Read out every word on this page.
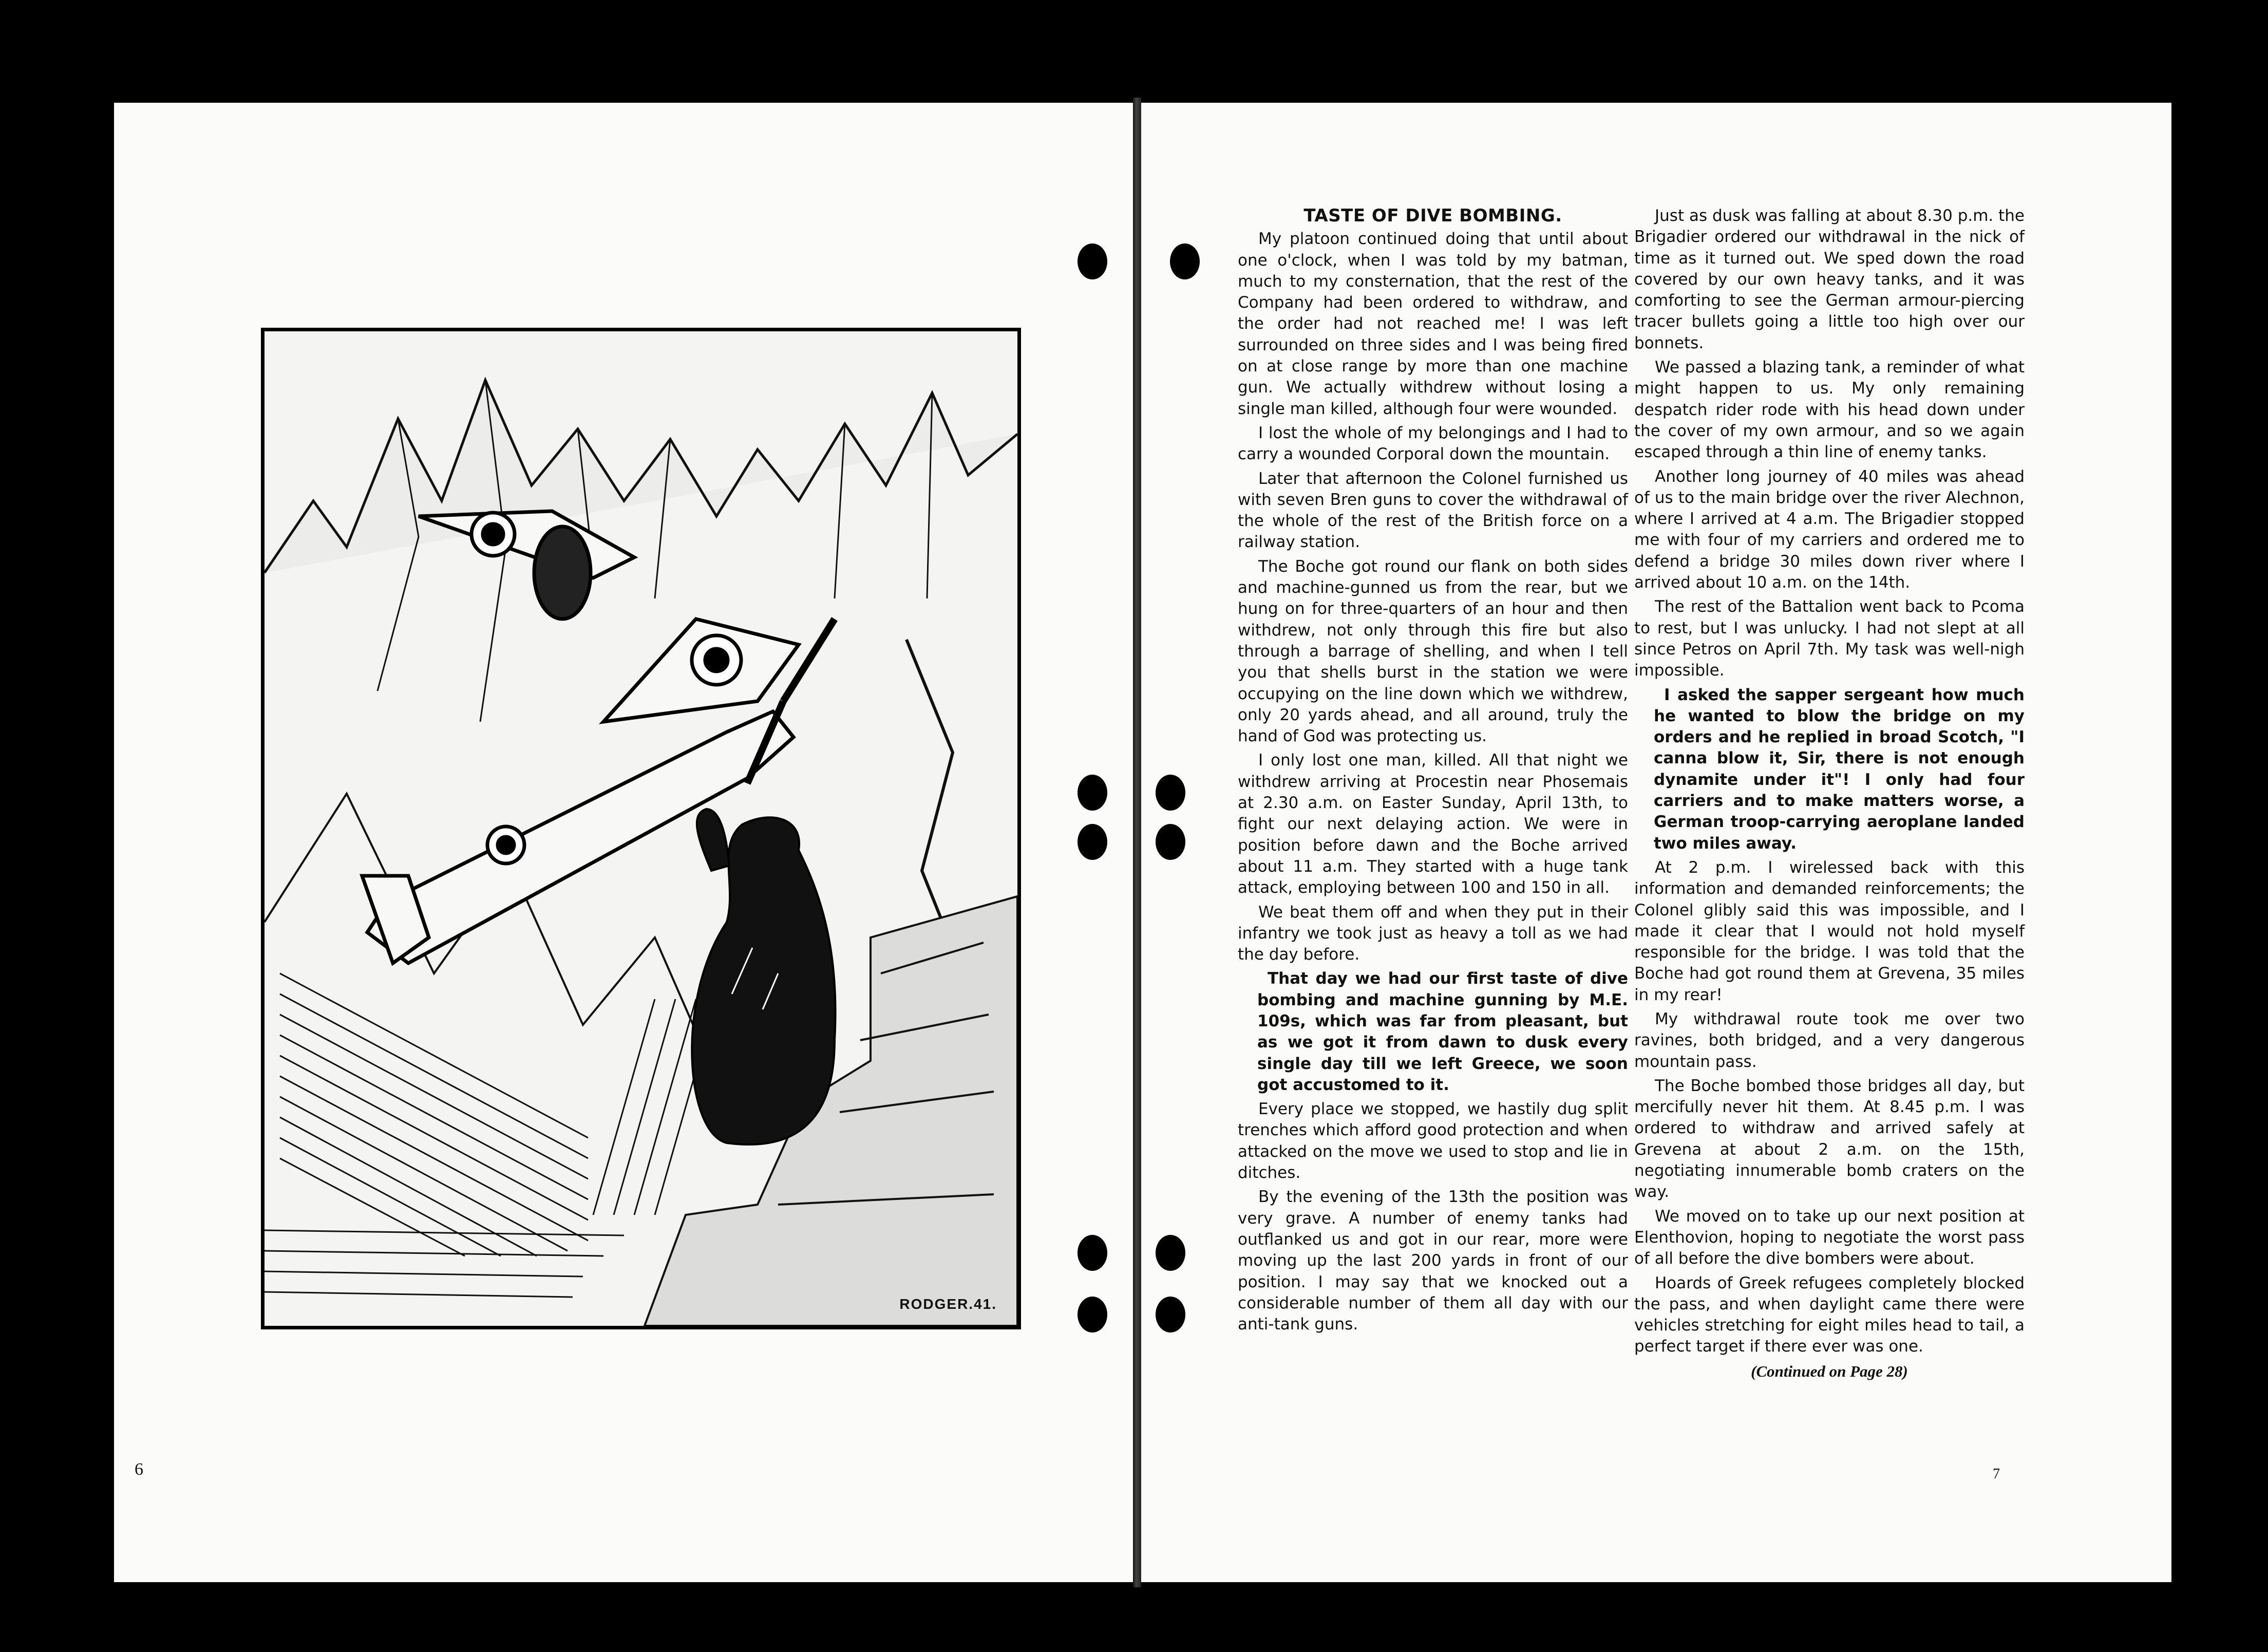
RODGER.41.
6	7
TASTE OF DIVE BOMBING.

My platoon continued doing that until about one o'clock, when I was told by my batman, much to my consternation, that the rest of the Company had been ordered to withdraw, and the order had not reached me! I was left surrounded on three sides and I was being fired on at close range by more than one machine gun. We actually withdrew without losing a single man killed, although four were wounded.

I lost the whole of my belongings and I had to carry a wounded Corporal down the mountain.

Later that afternoon the Colonel furnished us with seven Bren guns to cover the withdrawal of the whole of the rest of the British force on a railway station.

The Boche got round our flank on both sides and machine-gunned us from the rear, but we hung on for three-quarters of an hour and then withdrew, not only through this fire but also through a barrage of shelling, and when I tell you that shells burst in the station we were occupying on the line down which we withdrew, only 20 yards ahead, and all around, truly the hand of God was protecting us.

I only lost one man, killed. All that night we withdrew arriving at Procestin near Phosemais at 2.30 a.m. on Easter Sunday, April 13th, to fight our next delaying action. We were in position before dawn and the Boche arrived about 11 a.m. They started with a huge tank attack, employing between 100 and 150 in all.

We beat them off and when they put in their infantry we took just as heavy a toll as we had the day before.

That day we had our first taste of dive bombing and machine gunning by M.E. 109s, which was far from pleasant, but as we got it from dawn to dusk every single day till we left Greece, we soon got accustomed to it.

Every place we stopped, we hastily dug split trenches which afford good protection and when attacked on the move we used to stop and lie in ditches.

By the evening of the 13th the position was very grave. A number of enemy tanks had outflanked us and got in our rear, more were moving up the last 200 yards in front of our position. I may say that we knocked out a considerable number of them all day with our anti-tank guns.

Just as dusk was falling at about 8.30 p.m. the Brigadier ordered our withdrawal in the nick of time as it turned out. We sped down the road covered by our own heavy tanks, and it was comforting to see the German armour-piercing tracer bullets going a little too high over our bonnets.

We passed a blazing tank, a reminder of what might happen to us. My only remaining despatch rider rode with his head down under the cover of my own armour, and so we again escaped through a thin line of enemy tanks.

Another long journey of 40 miles was ahead of us to the main bridge over the river Alechnon, where I arrived at 4 a.m. The Brigadier stopped me with four of my carriers and ordered me to defend a bridge 30 miles down river where I arrived about 10 a.m. on the 14th.

The rest of the Battalion went back to Pcoma to rest, but I was unlucky. I had not slept at all since Petros on April 7th. My task was well-nigh impossible.

I asked the sapper sergeant how much he wanted to blow the bridge on my orders and he replied in broad Scotch, "I canna blow it, Sir, there is not enough dynamite under it"! I only had four carriers and to make matters worse, a German troop-carrying aeroplane landed two miles away.

At 2 p.m. I wirelessed back with this information and demanded reinforcements; the Colonel glibly said this was impossible, and I made it clear that I would not hold myself responsible for the bridge. I was told that the Boche had got round them at Grevena, 35 miles in my rear!

My withdrawal route took me over two ravines, both bridged, and a very dangerous mountain pass.

The Boche bombed those bridges all day, but mercifully never hit them. At 8.45 p.m. I was ordered to withdraw and arrived safely at Grevena at about 2 a.m. on the 15th, negotiating innumerable bomb craters on the way.

We moved on to take up our next position at Elenthovion, hoping to negotiate the worst pass of all before the dive bombers were about.

Hoards of Greek refugees completely blocked the pass, and when daylight came there were vehicles stretching for eight miles head to tail, a perfect target if there ever was one.

(Continued on Page 28)
